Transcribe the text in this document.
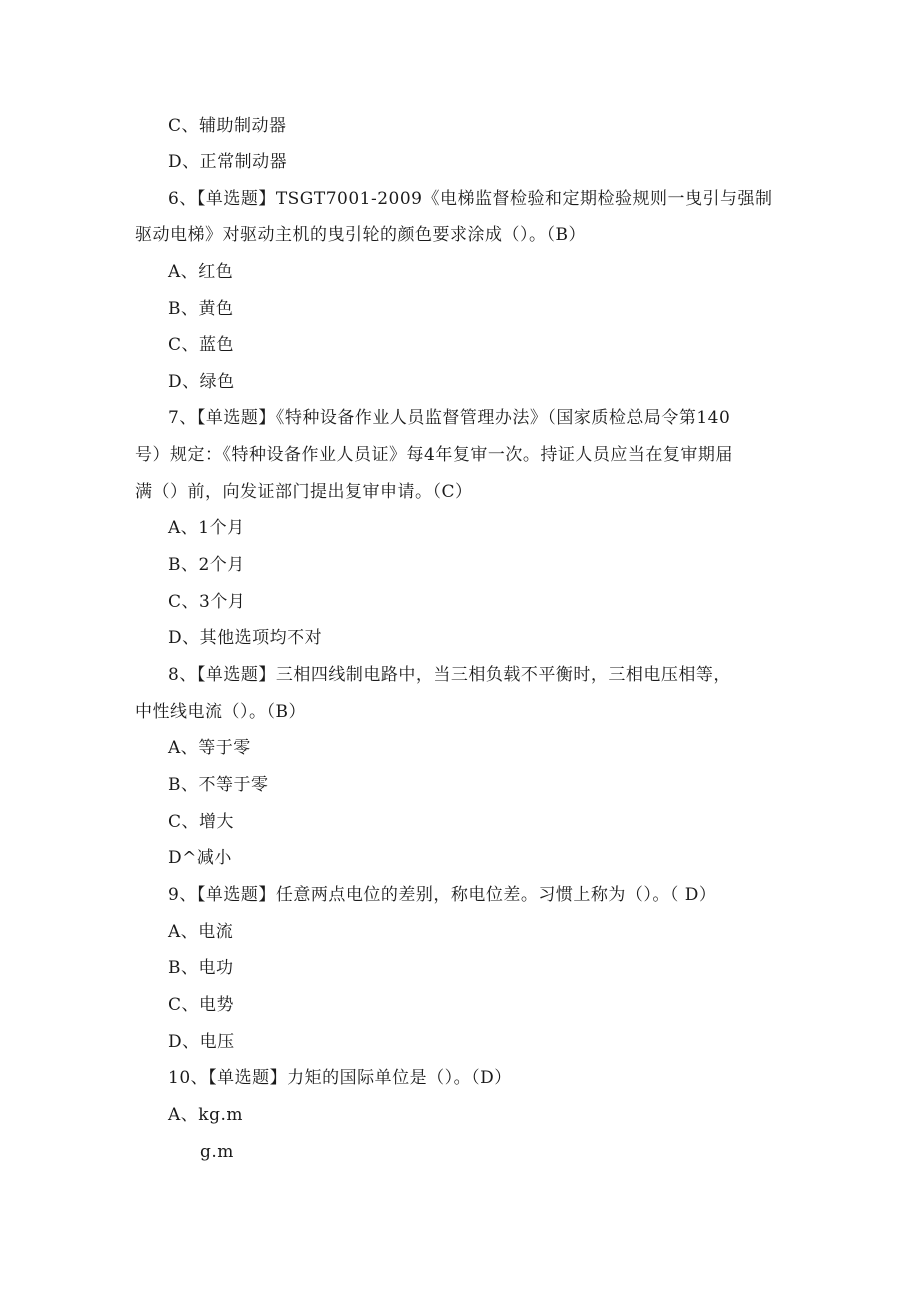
C、辅助制动器
D、正常制动器
6、【单选题】TSGT7001-2009《电梯监督检验和定期检验规则一曳引与强制
驱动电梯》对驱动主机的曳引轮的颜色要求涂成（）。（B）
A、红色
B、黄色
C、蓝色
D、绿色
7、【单选题】《特种设备作业人员监督管理办法》（国家质检总局令第140
号）规定：《特种设备作业人员证》每4年复审一次。持证人员应当在复审期届
满（）前，向发证部门提出复审申请。（C）
A、1个月
B、2个月
C、3个月
D、其他选项均不对
8、【单选题】三相四线制电路中，当三相负载不平衡时，三相电压相等，
中性线电流（）。（B）
A、等于零
B、不等于零
C、增大
D^减小
9、【单选题】任意两点电位的差别，称电位差。习惯上称为（）。（ D）
A、电流
B、电功
C、电势
D、电压
10、【单选题】力矩的国际单位是（）。（D）
A、kg.m
g.m
